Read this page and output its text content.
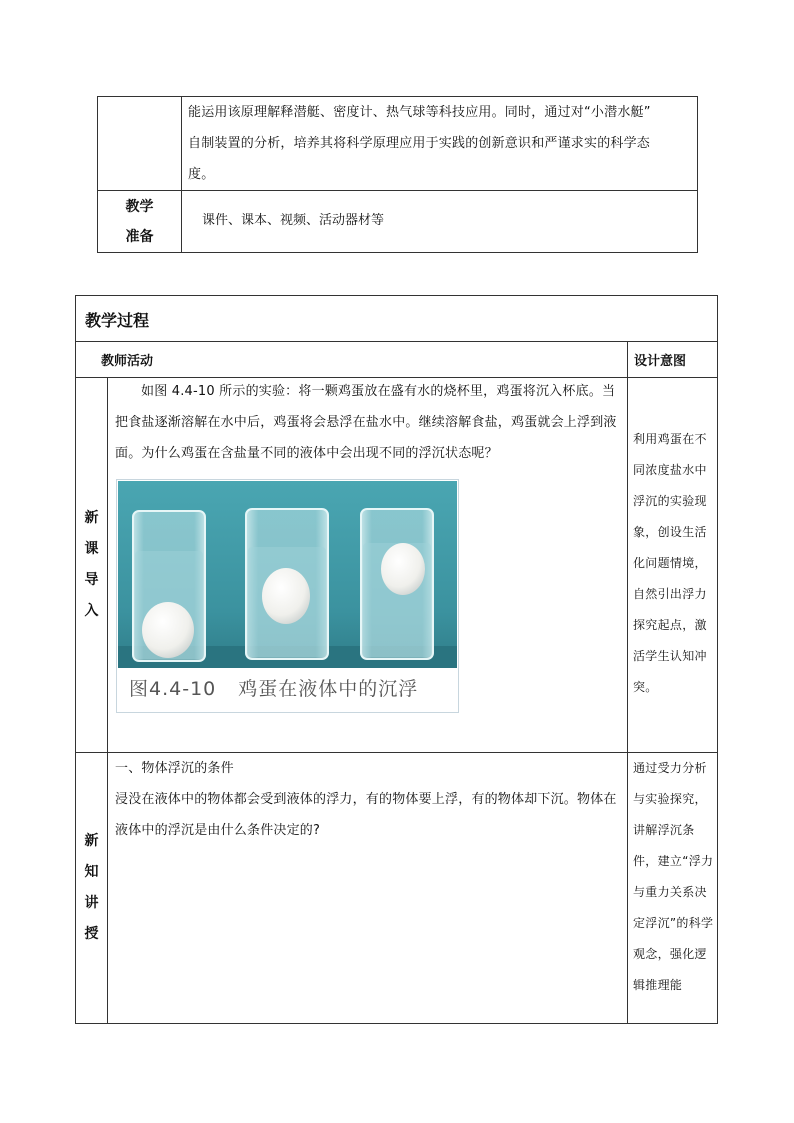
能运用该原理解释潜艇、密度计、热气球等科技应用。同时，通过对“小潜水艇”
自制装置的分析，培养其将科学原理应用于实践的创新意识和严谨求实的科学态
度。
教学
准备
课件、课本、视频、活动器材等
教学过程
教师活动	设计意图
新
课
导
入
如图 4.4-10 所示的实验：将一颗鸡蛋放在盛有水的烧杯里，鸡蛋将沉入杯底。当把食盐逐渐溶解在水中后，鸡蛋将会悬浮在盐水中。继续溶解食盐，鸡蛋就会上浮到液面。为什么鸡蛋在含盐量不同的液体中会出现不同的浮沉状态呢？
图4.4-10 鸡蛋在液体中的沉浮
利用鸡蛋在不同浓度盐水中浮沉的实验现象，创设生活化问题情境，自然引出浮力探究起点，激活学生认知冲突。
新
知
讲
授
一、物体浮沉的条件
浸没在液体中的物体都会受到液体的浮力，有的物体要上浮，有的物体却下沉。物体在液体中的浮沉是由什么条件决定的?
通过受力分析与实验探究，讲解浮沉条件，建立“浮力与重力关系决定浮沉”的科学观念，强化逻辑推理能
